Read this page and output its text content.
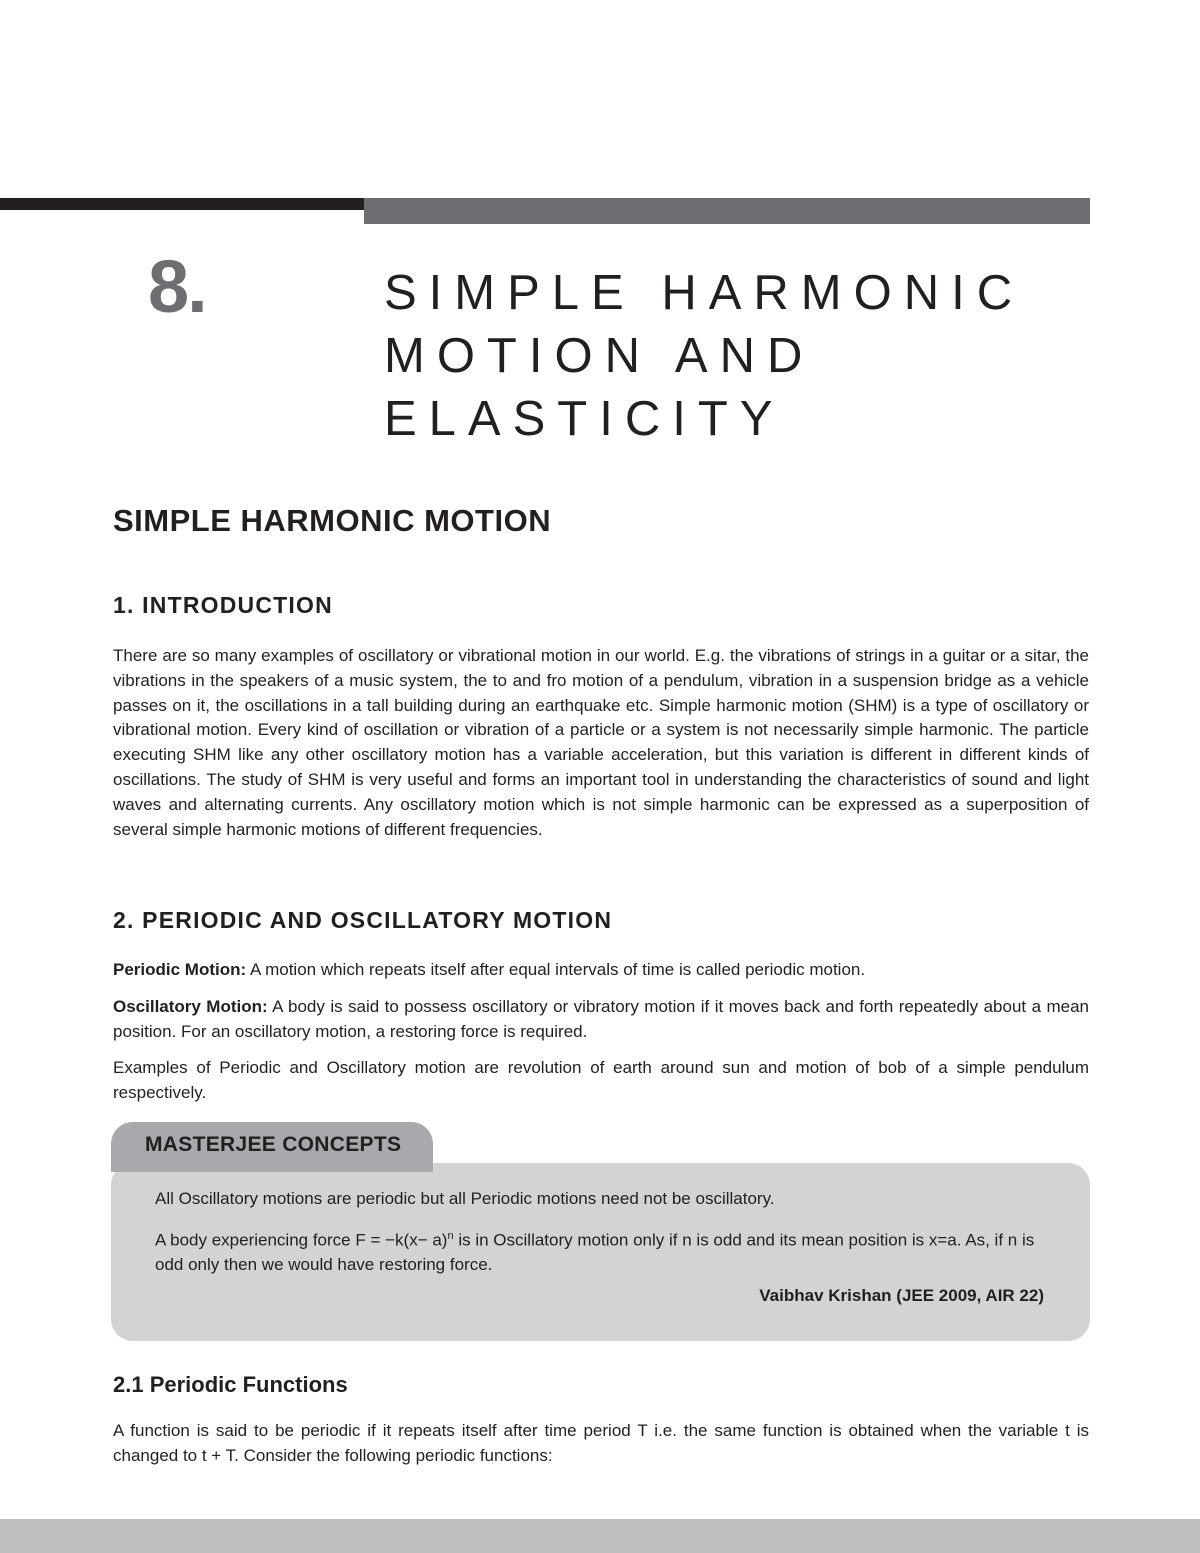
8.	SIMPLE HARMONIC
MOTION AND
ELASTICITY
SIMPLE HARMONIC MOTION
1. INTRODUCTION

There are so many examples of oscillatory or vibrational motion in our world. E.g. the vibrations of strings in a guitar or a sitar, the vibrations in the speakers of a music system, the to and fro motion of a pendulum, vibration in a suspension bridge as a vehicle passes on it, the oscillations in a tall building during an earthquake etc. Simple harmonic motion (SHM) is a type of oscillatory or vibrational motion. Every kind of oscillation or vibration of a particle or a system is not necessarily simple harmonic. The particle executing SHM like any other oscillatory motion has a variable acceleration, but this variation is different in different kinds of oscillations. The study of SHM is very useful and forms an important tool in understanding the characteristics of sound and light waves and alternating currents. Any oscillatory motion which is not simple harmonic can be expressed as a superposition of several simple harmonic motions of different frequencies.

2. PERIODIC AND OSCILLATORY MOTION

Periodic Motion: A motion which repeats itself after equal intervals of time is called periodic motion.

Oscillatory Motion: A body is said to possess oscillatory or vibratory motion if it moves back and forth repeatedly about a mean position. For an oscillatory motion, a restoring force is required.

Examples of Periodic and Oscillatory motion are revolution of earth around sun and motion of bob of a simple pendulum respectively.

MASTERJEE CONCEPTS

All Oscillatory motions are periodic but all Periodic motions need not be oscillatory.

A body experiencing force $F = -k(x- a)^n$ is in Oscillatory motion only if n is odd and its mean position is x=a. As, if n is odd only then we would have restoring force.

Vaibhav Krishan (JEE 2009, AIR 22)
2.1 Periodic Functions

A function is said to be periodic if it repeats itself after time period T i.e. the same function is obtained when the variable t is changed to t + T. Consider the following periodic functions:
